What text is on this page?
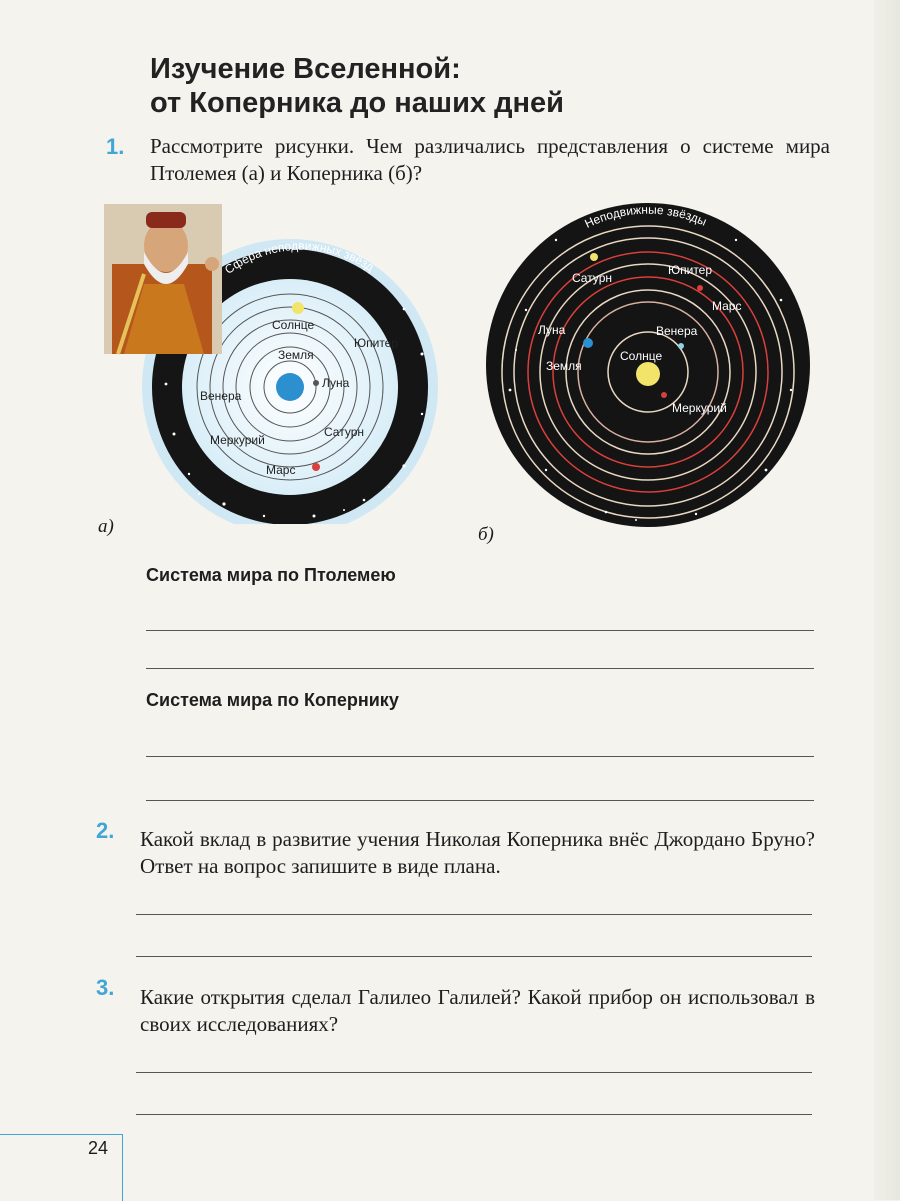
Изучение Вселенной:
от Коперника до наших дней
1. Рассмотрите рисунки. Чем различались представления о системе мира Птолемея (а) и Коперника (б)?
Сфера неподвижных звёзд
Солнце
Земля
Луна
Юпитер
Венера
Меркурий
Сатурн
Марс
а)
Неподвижные звёзды
Сатурн
Юпитер
Марс
Луна	Венера
Солнце
Земля
Меркурий
б)
Система мира по Птолемею
Система мира по Копернику
2. Какой вклад в развитие учения Николая Коперника внёс Джордано Бруно? Ответ на вопрос запишите в виде плана.
3. Какие открытия сделал Галилео Галилей? Какой прибор он использовал в своих исследованиях?
24
